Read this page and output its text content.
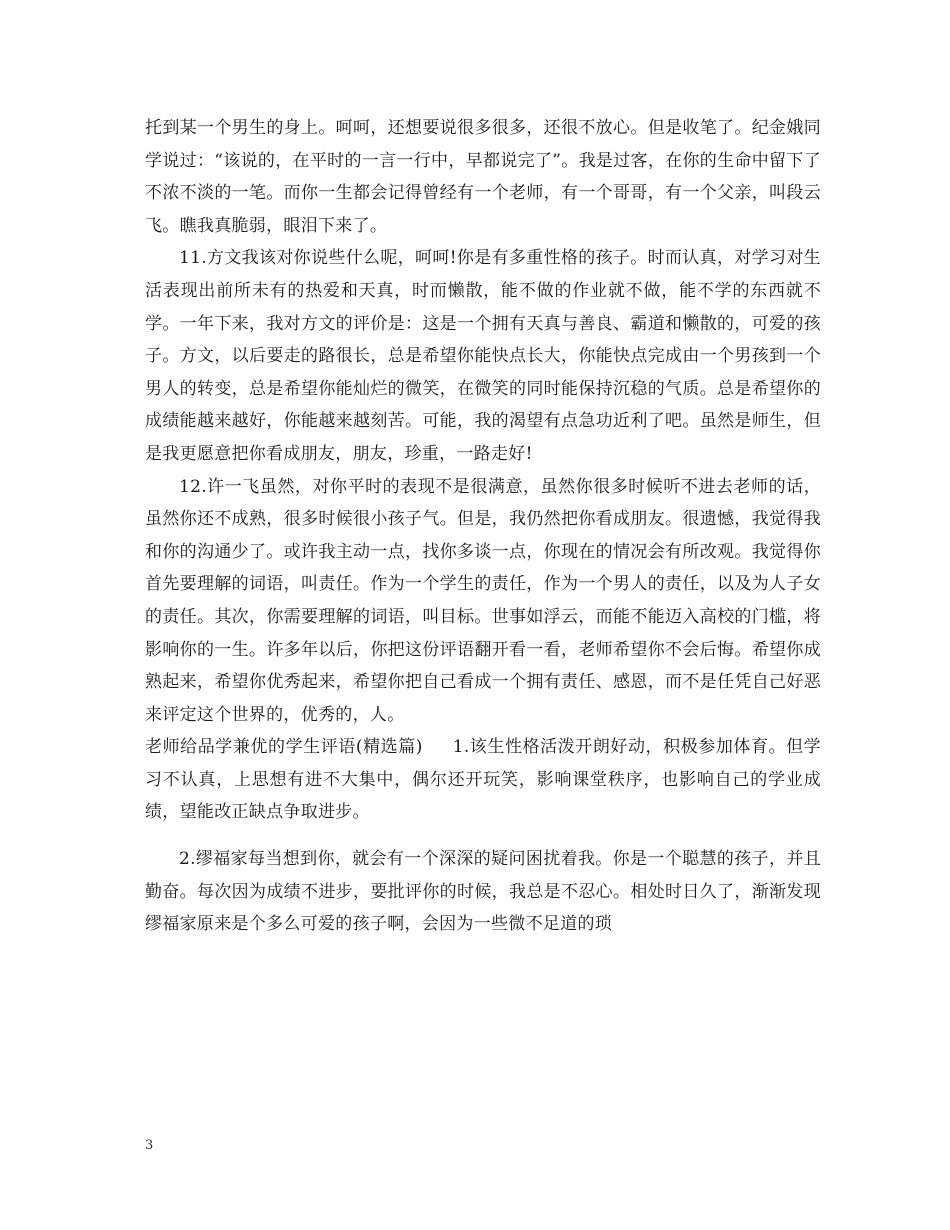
托到某一个男生的身上。呵呵，还想要说很多很多，还很不放心。但是收笔了。纪金娥同学说过：“该说的，在平时的一言一行中，早都说完了”。我是过客，在你的生命中留下了不浓不淡的一笔。而你一生都会记得曾经有一个老师，有一个哥哥，有一个父亲，叫段云飞。瞧我真脆弱，眼泪下来了。

11.方文我该对你说些什么呢，呵呵!你是有多重性格的孩子。时而认真，对学习对生活表现出前所未有的热爱和天真，时而懒散，能不做的作业就不做，能不学的东西就不学。一年下来，我对方文的评价是：这是一个拥有天真与善良、霸道和懒散的，可爱的孩子。方文，以后要走的路很长，总是希望你能快点长大，你能快点完成由一个男孩到一个男人的转变，总是希望你能灿烂的微笑，在微笑的同时能保持沉稳的气质。总是希望你的成绩能越来越好，你能越来越刻苦。可能，我的渴望有点急功近利了吧。虽然是师生，但是我更愿意把你看成朋友，朋友，珍重，一路走好!

12.许一飞虽然，对你平时的表现不是很满意，虽然你很多时候听不进去老师的话，虽然你还不成熟，很多时候很小孩子气。但是，我仍然把你看成朋友。很遗憾，我觉得我和你的沟通少了。或许我主动一点，找你多谈一点，你现在的情况会有所改观。我觉得你首先要理解的词语，叫责任。作为一个学生的责任，作为一个男人的责任，以及为人子女的责任。其次，你需要理解的词语，叫目标。世事如浮云，而能不能迈入高校的门槛，将影响你的一生。许多年以后，你把这份评语翻开看一看，老师希望你不会后悔。希望你成熟起来，希望你优秀起来，希望你把自己看成一个拥有责任、感恩，而不是任凭自己好恶来评定这个世界的，优秀的，人。

老师给品学兼优的学生评语(精选篇) 1.该生性格活泼开朗好动，积极参加体育。但学习不认真，上思想有进不大集中，偶尔还开玩笑，影响课堂秩序，也影响自己的学业成绩，望能改正缺点争取进步。

2.缪福家每当想到你，就会有一个深深的疑问困扰着我。你是一个聪慧的孩子，并且勤奋。每次因为成绩不进步，要批评你的时候，我总是不忍心。相处时日久了，渐渐发现缪福家原来是个多么可爱的孩子啊，会因为一些微不足道的琐

3
